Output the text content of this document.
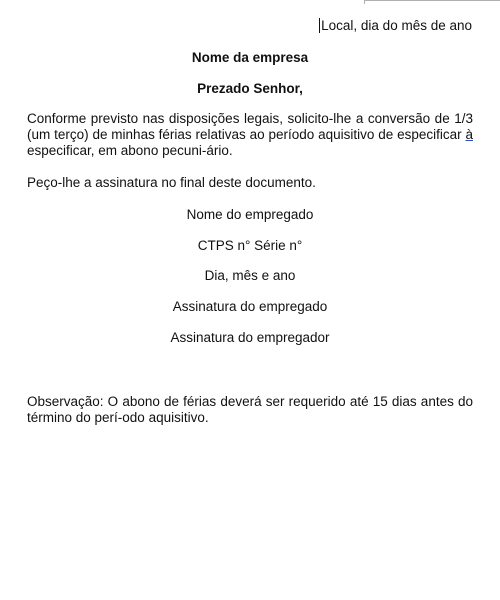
Local, dia do mês de ano
Nome da empresa
Prezado Senhor,
Conforme previsto nas disposições legais, solicito-lhe a conversão de 1/3 (um terço) de minhas férias relativas ao período aquisitivo de especificar à especificar, em abono pecuni-ário.
Peço-lhe a assinatura no final deste documento.
Nome do empregado
CTPS n° Série n°
Dia, mês e ano
Assinatura do empregado
Assinatura do empregador
Observação: O abono de férias deverá ser requerido até 15 dias antes do término do perí-odo aquisitivo.
